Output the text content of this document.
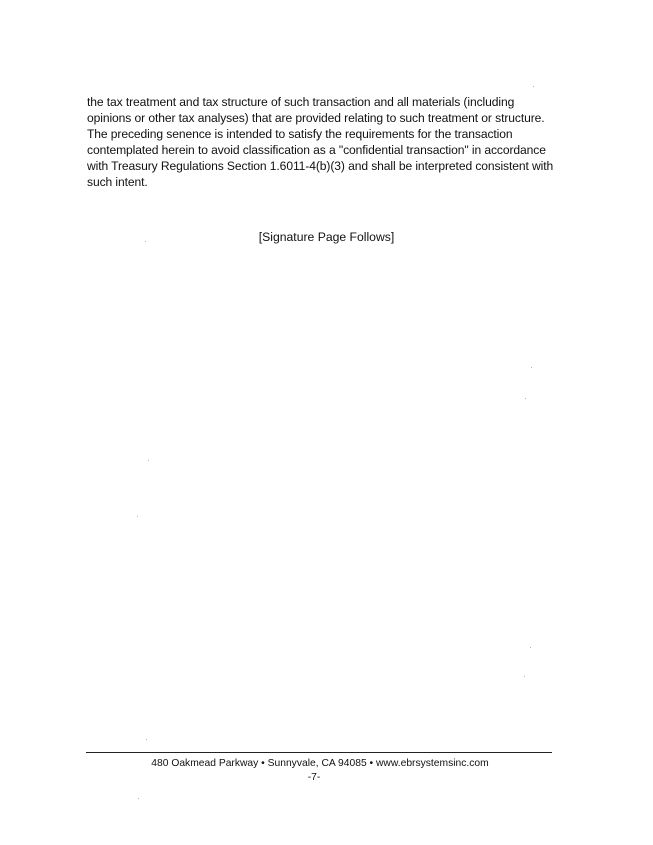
the tax treatment and tax structure of such transaction and all materials (including
opinions or other tax analyses) that are provided relating to such treatment or structure.
The preceding senence is intended to satisfy the requirements for the transaction
contemplated herein to avoid classification as a "confidential transaction" in accordance
with Treasury Regulations Section 1.6011-4(b)(3) and shall be interpreted consistent with
such intent.

[Signature Page Follows]

480 Oakmead Parkway • Sunnyvale, CA 94085 • www.ebrsystemsinc.com

-7-
